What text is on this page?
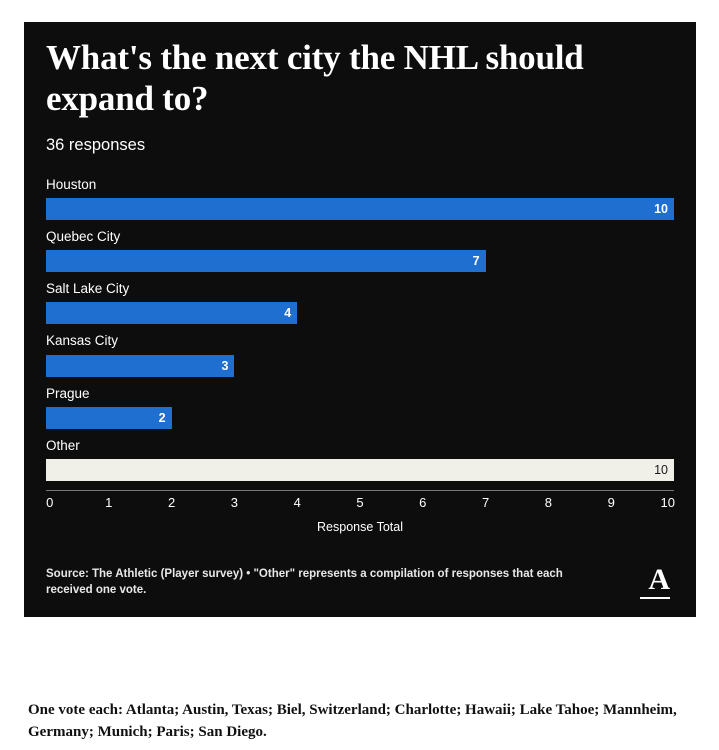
What's the next city the NHL should expand to?
36 responses
Houston
10
Quebec City
7
Salt Lake City
4
Kansas City
3
Prague
2
Other
10
0	1	2	3	4	5	6	7	8	9	10
Response Total
Source: The Athletic (Player survey) • "Other" represents a compilation of responses that each received one vote.	A
One vote each: Atlanta; Austin, Texas; Biel, Switzerland; Charlotte; Hawaii; Lake Tahoe; Mannheim, Germany; Munich; Paris; San Diego.
